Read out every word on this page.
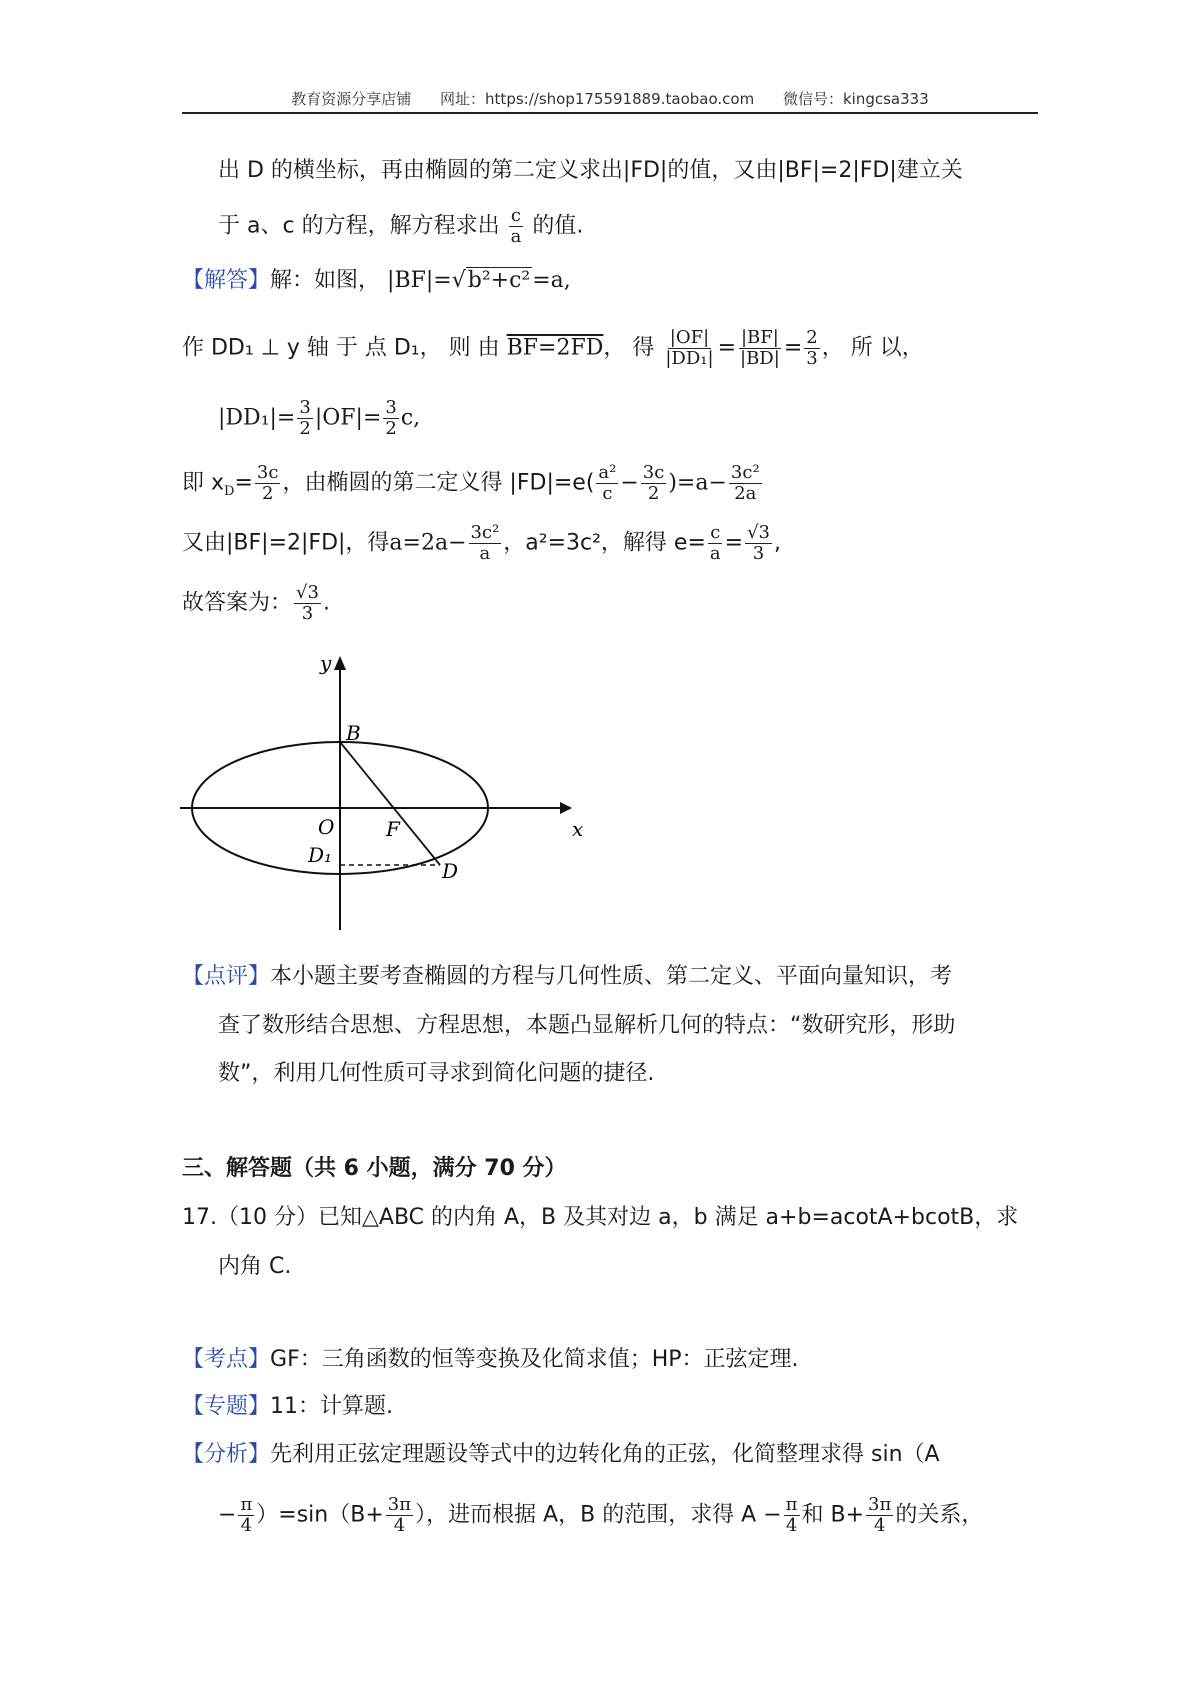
教育资源分享店铺 网址：https://shop175591889.taobao.com 微信号：kingcsa333
出 D 的横坐标，再由椭圆的第二定义求出|FD|的值，又由|BF|=2|FD|建立关
于 a、c 的方程，解方程求出 $\frac{c}{a}$ 的值.
【解答】解：如图， |BF|=√b²+c²=a,
作 DD₁ ⊥ y 轴 于 点 D₁， 则 由 BF=2FD， 得 $\frac{|OF|}{\text{|DD₁|}} = \frac{|BF|}{|BD|} = \frac{2}{3}$ ， 所 以，
$|DD_1|= \frac{3}{2} |OF|= \frac{3}{2} c$,
即 $x_D= \frac{3c}{2}$ ，由椭圆的第二定义得 $|FD|=e( \frac{\text{a²}}{c} - \frac{3c}{2} )=a- \frac{\text{3c²}}{2a}$
又由|BF|=2|FD|，得$a=2a- \frac{\text{3c²}}{a}$ ，a²=3c²，解得 $e= \frac{c}{a} = \frac{√3}{3}$ ,
故答案为： $\frac{√3}{3}$ .
y
B
O	F	x
D₁
D
【点评】本小题主要考查椭圆的方程与几何性质、第二定义、平面向量知识，考
查了数形结合思想、方程思想，本题凸显解析几何的特点：“数研究形，形助
数”，利用几何性质可寻求到简化问题的捷径.
三、解答题（共 6 小题，满分 70 分）
17.（10 分）已知△ABC 的内角 A，B 及其对边 a，b 满足 a+b=acotA+bcotB，求
内角 C.
【考点】GF：三角函数的恒等变换及化简求值；HP：正弦定理.
【专题】11：计算题.
【分析】先利用正弦定理题设等式中的边转化角的正弦，化简整理求得 sin（A
− $\frac{\pi}{4} )=\sin(B+ \frac{3\pi}{4}$ ），进而根据 A，B 的范围，求得 $A - \frac{\pi}{4}$ 和 $B+ \frac{3\pi}{4}$ 的关系，
